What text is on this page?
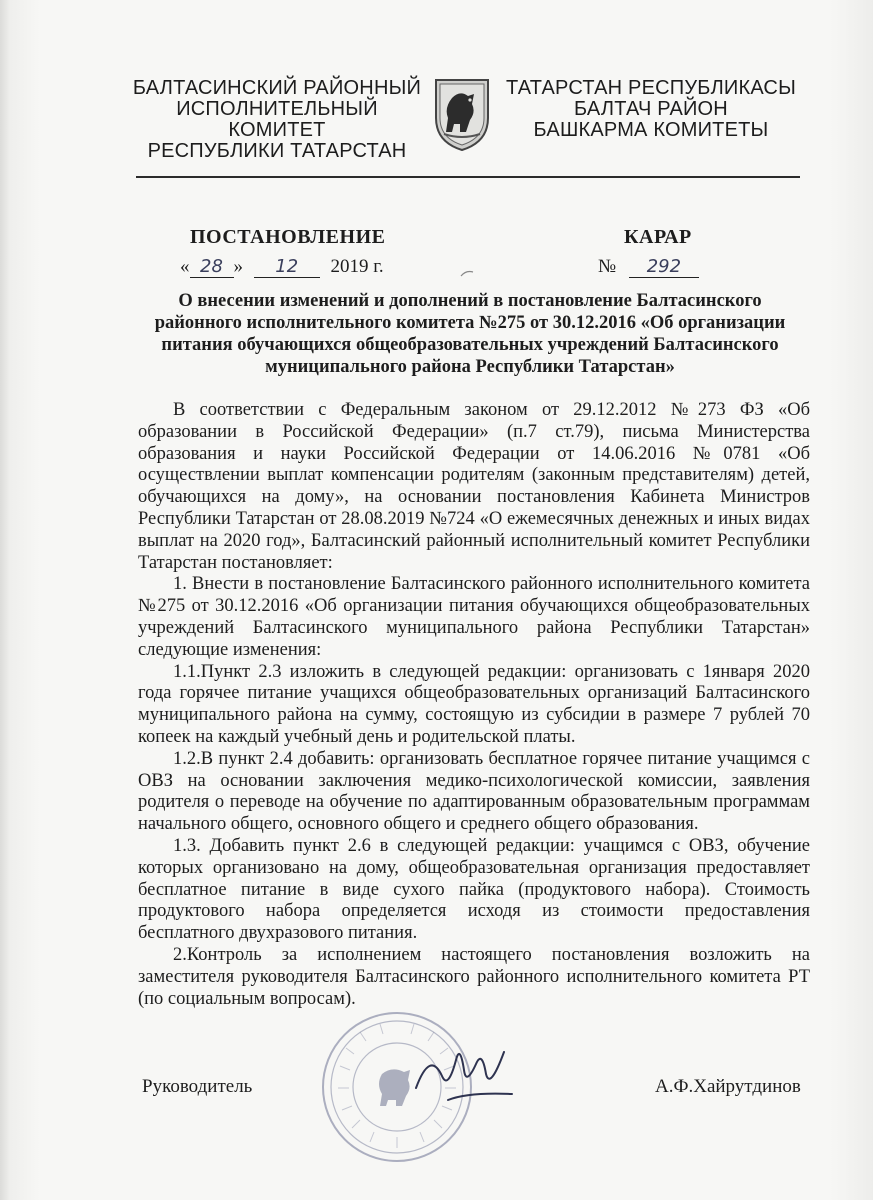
БАЛТАСИНСКИЙ РАЙОННЫЙ
ИСПОЛНИТЕЛЬНЫЙ КОМИТЕТ
РЕСПУБЛИКИ ТАТАРСТАН
ТАТАРСТАН РЕСПУБЛИКАСЫ
БАЛТАЧ РАЙОН
БАШКАРМА КОМИТЕТЫ
ПОСТАНОВЛЕНИЕ	КАРАР
« 28 » 12 2019 г.	№ 292
О внесении изменений и дополнений в постановление Балтасинского
районного исполнительного комитета №275 от 30.12.2016 «Об организации
питания обучающихся общеобразовательных учреждений Балтасинского
муниципального района Республики Татарстан»

В соответствии с Федеральным законом от 29.12.2012 №273 ФЗ «Об образовании в Российской Федерации» (п.7 ст.79), письма Министерства образования и науки Российской Федерации от 14.06.2016 №0781 «Об осуществлении выплат компенсации родителям (законным представителям) детей, обучающихся на дому», на основании постановления Кабинета Министров Республики Татарстан от 28.08.2019 №724 «О ежемесячных денежных и иных видах выплат на 2020 год», Балтасинский районный исполнительный комитет Республики Татарстан постановляет:

1. Внести в постановление Балтасинского районного исполнительного комитета №275 от 30.12.2016 «Об организации питания обучающихся общеобразовательных учреждений Балтасинского муниципального района Республики Татарстан» следующие изменения:

1.1.Пункт 2.3 изложить в следующей редакции: организовать с 1января 2020 года горячее питание учащихся общеобразовательных организаций Балтасинского муниципального района на сумму, состоящую из субсидии в размере 7 рублей 70 копеек на каждый учебный день и родительской платы.

1.2.В пункт 2.4 добавить: организовать бесплатное горячее питание учащимся с ОВЗ на основании заключения медико-психологической комиссии, заявления родителя о переводе на обучение по адаптированным образовательным программам начального общего, основного общего и среднего общего образования.

1.3. Добавить пункт 2.6 в следующей редакции: учащимся с ОВЗ, обучение которых организовано на дому, общеобразовательная организация предоставляет бесплатное питание в виде сухого пайка (продуктового набора). Стоимость продуктового набора определяется исходя из стоимости предоставления бесплатного двухразового питания.

2.Контроль за исполнением настоящего постановления возложить на заместителя руководителя Балтасинского районного исполнительного комитета РТ (по социальным вопросам).

Руководитель	А.Ф.Хайрутдинов
